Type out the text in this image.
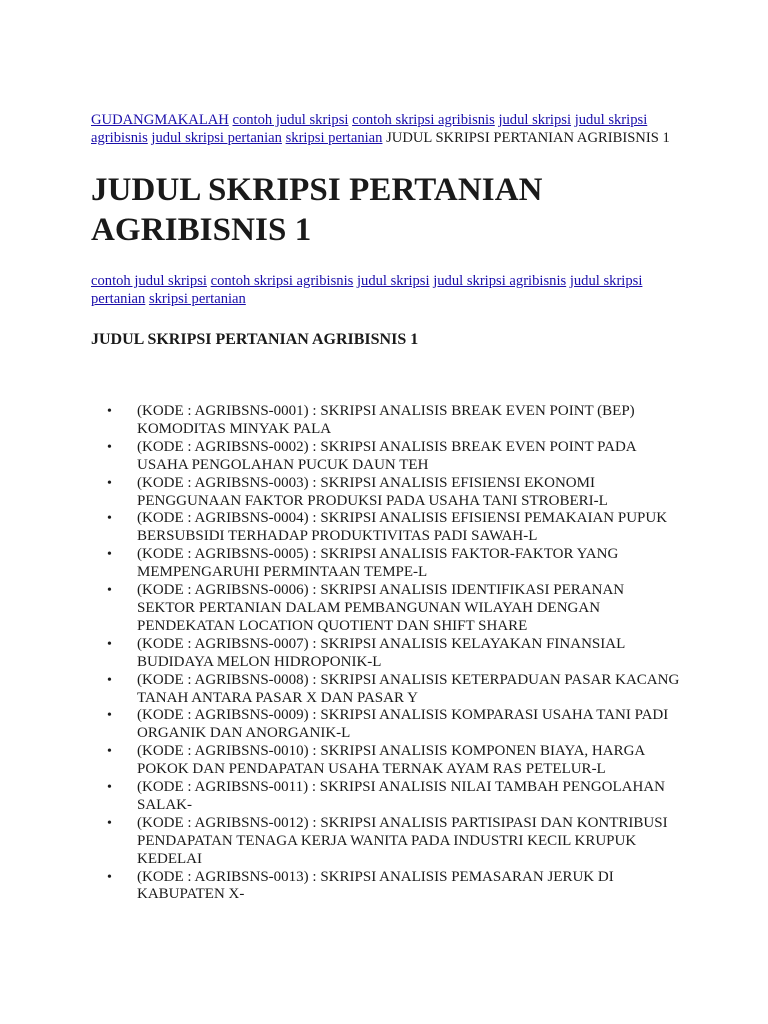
GUDANGMAKALAH contoh judul skripsi contoh skripsi agribisnis judul skripsi judul skripsi agribisnis judul skripsi pertanian skripsi pertanian JUDUL SKRIPSI PERTANIAN AGRIBISNIS 1

JUDUL SKRIPSI PERTANIAN
AGRIBISNIS 1

contoh judul skripsi contoh skripsi agribisnis judul skripsi judul skripsi agribisnis judul skripsi pertanian skripsi pertanian

JUDUL SKRIPSI PERTANIAN AGRIBISNIS 1
• (KODE : AGRIBSNS-0001) : SKRIPSI ANALISIS BREAK EVEN POINT (BEP) KOMODITAS MINYAK PALA
• (KODE : AGRIBSNS-0002) : SKRIPSI ANALISIS BREAK EVEN POINT PADA USAHA PENGOLAHAN PUCUK DAUN TEH
• (KODE : AGRIBSNS-0003) : SKRIPSI ANALISIS EFISIENSI EKONOMI PENGGUNAAN FAKTOR PRODUKSI PADA USAHA TANI STROBERI-L
• (KODE : AGRIBSNS-0004) : SKRIPSI ANALISIS EFISIENSI PEMAKAIAN PUPUK BERSUBSIDI TERHADAP PRODUKTIVITAS PADI SAWAH-L
• (KODE : AGRIBSNS-0005) : SKRIPSI ANALISIS FAKTOR-FAKTOR YANG MEMPENGARUHI PERMINTAAN TEMPE-L
• (KODE : AGRIBSNS-0006) : SKRIPSI ANALISIS IDENTIFIKASI PERANAN SEKTOR PERTANIAN DALAM PEMBANGUNAN WILAYAH DENGAN PENDEKATAN LOCATION QUOTIENT DAN SHIFT SHARE
• (KODE : AGRIBSNS-0007) : SKRIPSI ANALISIS KELAYAKAN FINANSIAL BUDIDAYA MELON HIDROPONIK-L
• (KODE : AGRIBSNS-0008) : SKRIPSI ANALISIS KETERPADUAN PASAR KACANG TANAH ANTARA PASAR X DAN PASAR Y
• (KODE : AGRIBSNS-0009) : SKRIPSI ANALISIS KOMPARASI USAHA TANI PADI ORGANIK DAN ANORGANIK-L
• (KODE : AGRIBSNS-0010) : SKRIPSI ANALISIS KOMPONEN BIAYA, HARGA POKOK DAN PENDAPATAN USAHA TERNAK AYAM RAS PETELUR-L
• (KODE : AGRIBSNS-0011) : SKRIPSI ANALISIS NILAI TAMBAH PENGOLAHAN SALAK-
• (KODE : AGRIBSNS-0012) : SKRIPSI ANALISIS PARTISIPASI DAN KONTRIBUSI PENDAPATAN TENAGA KERJA WANITA PADA INDUSTRI KECIL KRUPUK KEDELAI
• (KODE : AGRIBSNS-0013) : SKRIPSI ANALISIS PEMASARAN JERUK DI KABUPATEN X-
